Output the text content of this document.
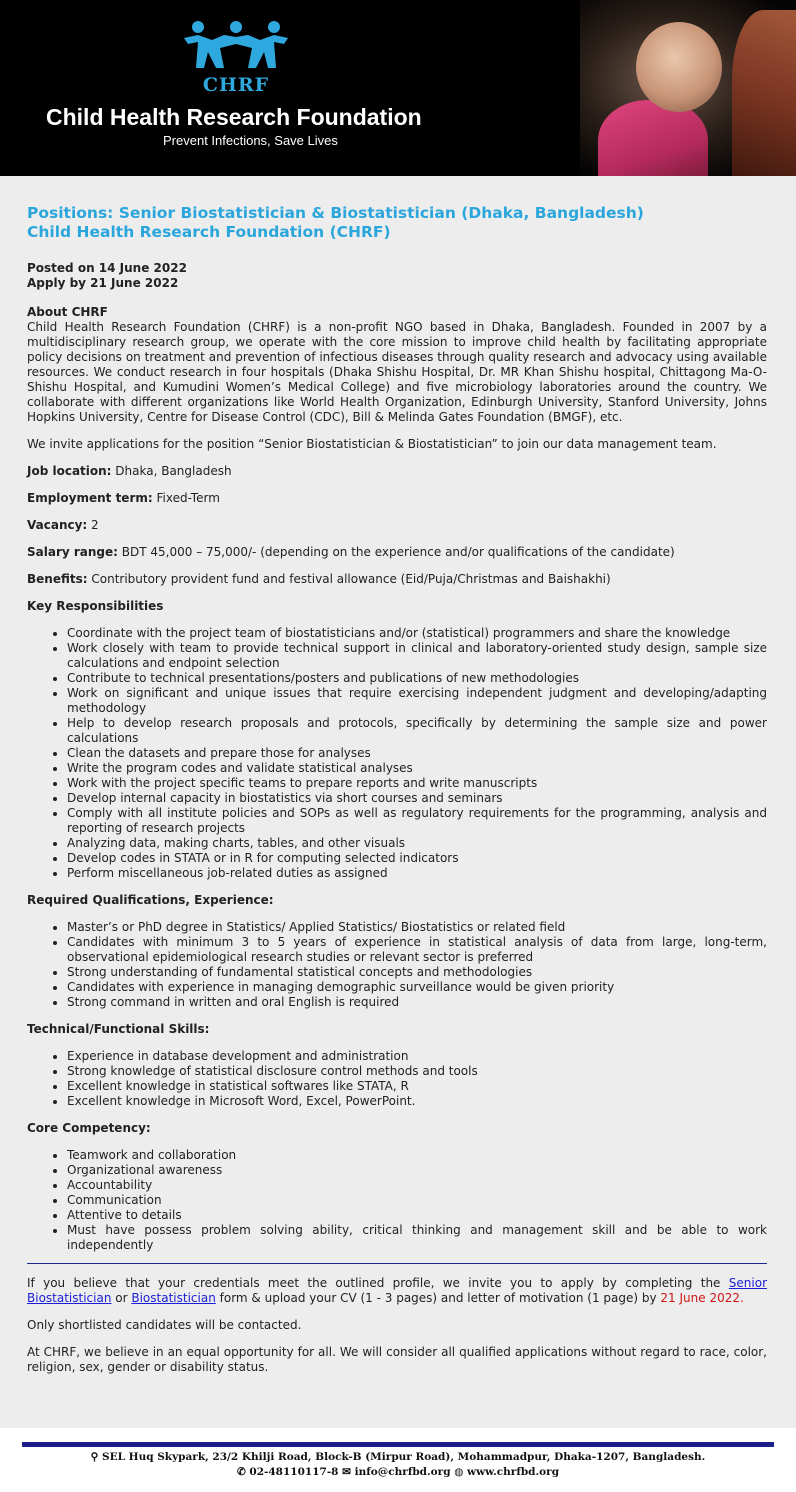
CHRF
Child Health Research Foundation
Prevent Infections, Save Lives
Positions: Senior Biostatistician & Biostatistician (Dhaka, Bangladesh)
Child Health Research Foundation (CHRF)
Posted on 14 June 2022
Apply by 21 June 2022
About CHRF

Child Health Research Foundation (CHRF) is a non-profit NGO based in Dhaka, Bangladesh. Founded in 2007 by a multidisciplinary research group, we operate with the core mission to improve child health by facilitating appropriate policy decisions on treatment and prevention of infectious diseases through quality research and advocacy using available resources. We conduct research in four hospitals (Dhaka Shishu Hospital, Dr. MR Khan Shishu hospital, Chittagong Ma-O-Shishu Hospital, and Kumudini Women’s Medical College) and five microbiology laboratories around the country. We collaborate with different organizations like World Health Organization, Edinburgh University, Stanford University, Johns Hopkins University, Centre for Disease Control (CDC), Bill & Melinda Gates Foundation (BMGF), etc.

We invite applications for the position “Senior Biostatistician & Biostatistician” to join our data management team.

Job location: Dhaka, Bangladesh

Employment term: Fixed-Term

Vacancy: 2

Salary range: BDT 45,000 – 75,000/- (depending on the experience and/or qualifications of the candidate)

Benefits: Contributory provident fund and festival allowance (Eid/Puja/Christmas and Baishakhi)

Key Responsibilities
• Coordinate with the project team of biostatisticians and/or (statistical) programmers and share the knowledge
• Work closely with team to provide technical support in clinical and laboratory-oriented study design, sample size calculations and endpoint selection
• Contribute to technical presentations/posters and publications of new methodologies
• Work on significant and unique issues that require exercising independent judgment and developing/adapting methodology
• Help to develop research proposals and protocols, specifically by determining the sample size and power calculations
• Clean the datasets and prepare those for analyses
• Write the program codes and validate statistical analyses
• Work with the project specific teams to prepare reports and write manuscripts
• Develop internal capacity in biostatistics via short courses and seminars
• Comply with all institute policies and SOPs as well as regulatory requirements for the programming, analysis and reporting of research projects
• Analyzing data, making charts, tables, and other visuals
• Develop codes in STATA or in R for computing selected indicators
• Perform miscellaneous job-related duties as assigned
Required Qualifications, Experience:
• Master’s or PhD degree in Statistics/ Applied Statistics/ Biostatistics or related field
• Candidates with minimum 3 to 5 years of experience in statistical analysis of data from large, long-term, observational epidemiological research studies or relevant sector is preferred
• Strong understanding of fundamental statistical concepts and methodologies
• Candidates with experience in managing demographic surveillance would be given priority
• Strong command in written and oral English is required
Technical/Functional Skills:
• Experience in database development and administration
• Strong knowledge of statistical disclosure control methods and tools
• Excellent knowledge in statistical softwares like STATA, R
• Excellent knowledge in Microsoft Word, Excel, PowerPoint.
Core Competency:
• Teamwork and collaboration
• Organizational awareness
• Accountability
• Communication
• Attentive to details
• Must have possess problem solving ability, critical thinking and management skill and be able to work independently

If you believe that your credentials meet the outlined profile, we invite you to apply by completing the Senior Biostatistician or Biostatistician form & upload your CV (1 - 3 pages) and letter of motivation (1 page) by 21 June 2022.

Only shortlisted candidates will be contacted.

At CHRF, we believe in an equal opportunity for all. We will consider all qualified applications without regard to race, color, religion, sex, gender or disability status.

⚲ SEL Huq Skypark, 23/2 Khilji Road, Block-B (Mirpur Road), Mohammadpur, Dhaka-1207, Bangladesh.
✆ 02-48110117-8 ✉ info@chrfbd.org ◍ www.chrfbd.org
